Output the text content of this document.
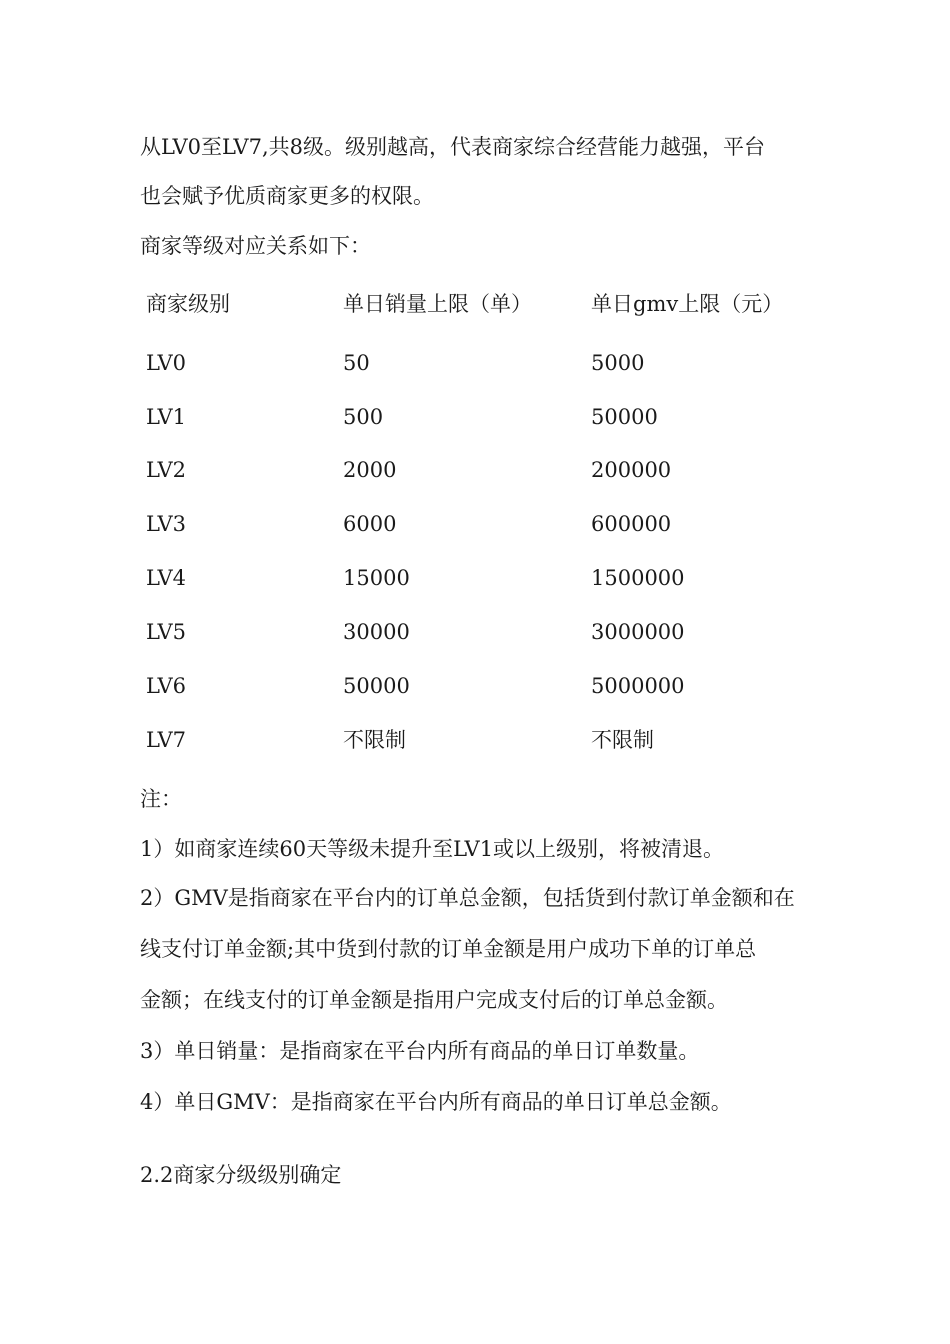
从LV0至LV7,共8级。级别越高，代表商家综合经营能力越强，平台
也会赋予优质商家更多的权限。
商家等级对应关系如下：
商家级别	单日销量上限（单）	单日gmv上限（元）
LV0	50	5000
LV1	500	50000
LV2	2000	200000
LV3	6000	600000
LV4	15000	1500000
LV5	30000	3000000
LV6	50000	5000000
LV7	不限制	不限制
注：
1）如商家连续60天等级未提升至LV1或以上级别，将被清退。
2）GMV是指商家在平台内的订单总金额，包括货到付款订单金额和在
线支付订单金额;其中货到付款的订单金额是用户成功下单的订单总
金额；在线支付的订单金额是指用户完成支付后的订单总金额。
3）单日销量：是指商家在平台内所有商品的单日订单数量。
4）单日GMV：是指商家在平台内所有商品的单日订单总金额。
2.2商家分级级别确定
